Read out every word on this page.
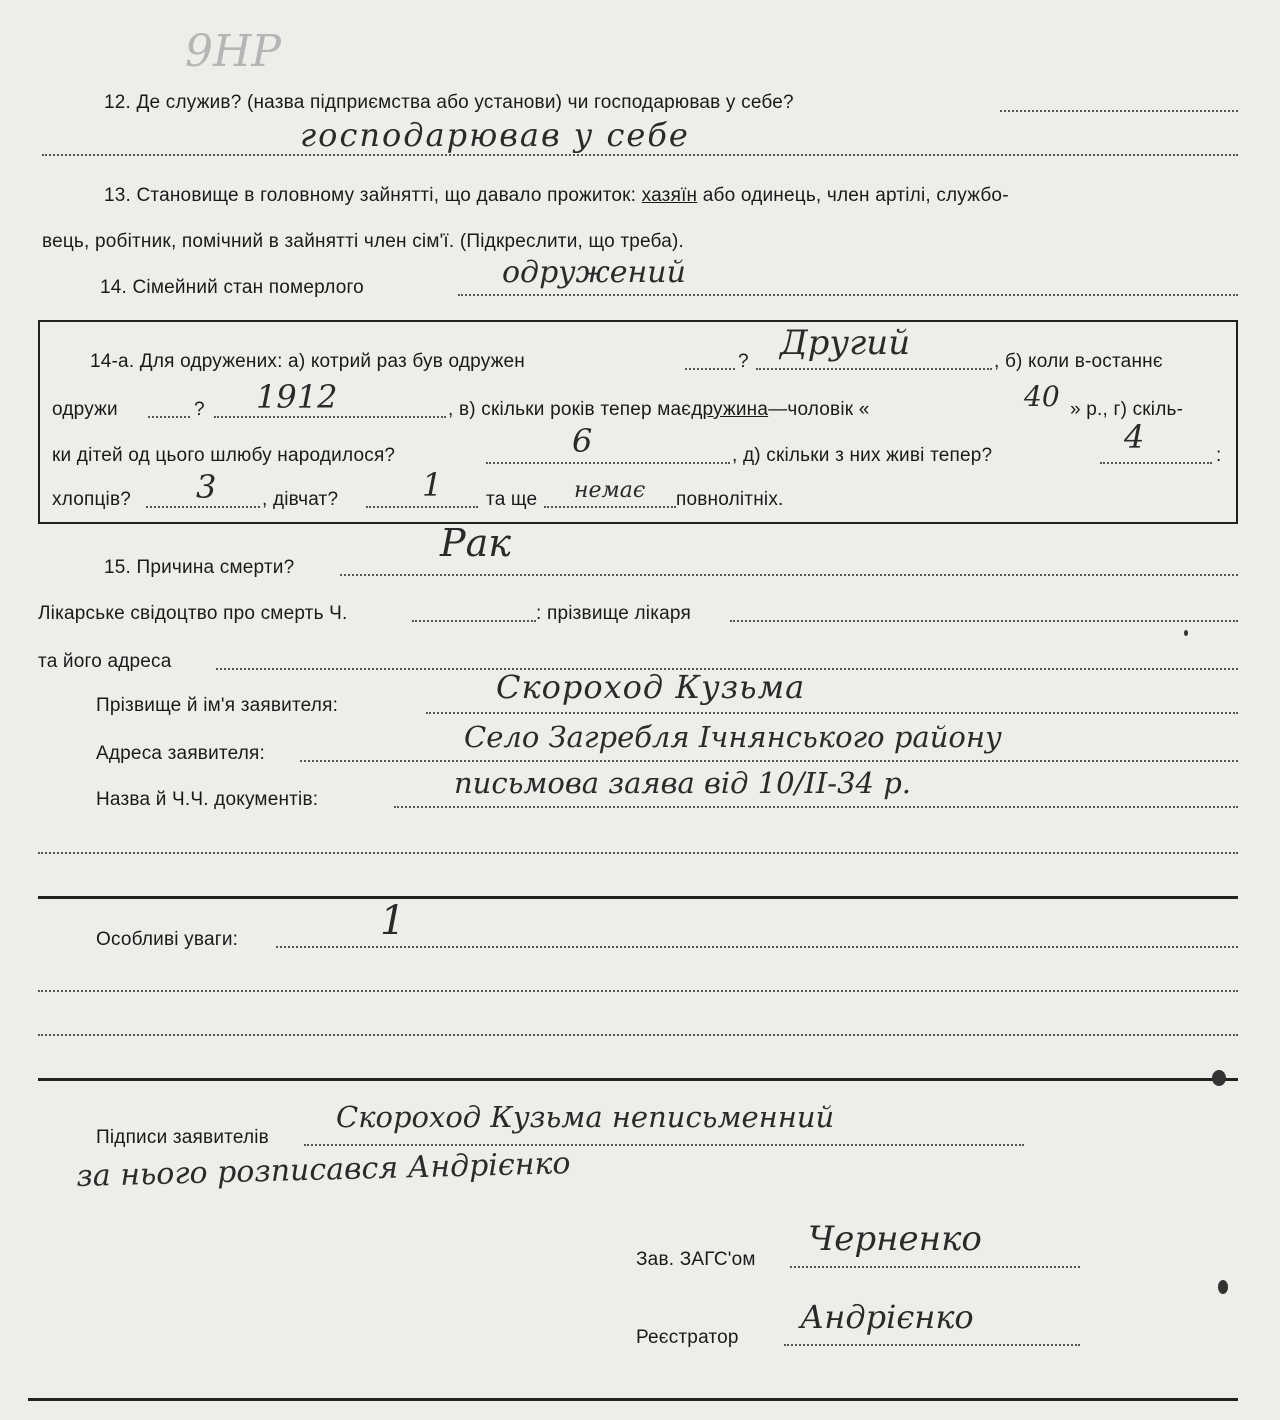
9НР
12. Де служив? (назва підприємства або установи) чи господарював у себе?
господарював у себе
13. Становище в головному зайнятті, що давало прожиток: хазяїн або одинець, член артілі, службо-
вець, робітник, помічний в зайнятті член сім'ї. (Підкреслити, що треба).
14. Сімейний стан померлого	одружений
14-а. Для одружених: а) котрий раз був одружен	? Другий	, б) коли в-останнє
одружи	? 1912	, в) скільки років тепер маєдружина—чоловік «	40 » р., г) скіль-
ки дітей од цього шлюбу народилося?	6	, д) скільки з них живі тепер?	4	:
хлопців? 3 , дівчат?	1 та ще немає повнолітніх.
15. Причина смерти?
Рак
Лікарське свідоцтво про смерть Ч.	: прізвище лікаря
та його адреса
Прізвище й ім'я заявителя:	Скороход Кузьма
Адреса заявителя:	Село Загребля Ічнянського району
Назва й Ч.Ч. документів:	письмова заява від 10/II-34 р.
Особливі уваги:	1
Підписи заявителів
Скороход Кузьма неписьменний
за нього розписався Андрієнко
Зав. ЗАГС'ом
Черненко
Реєстратор
Андрієнко
